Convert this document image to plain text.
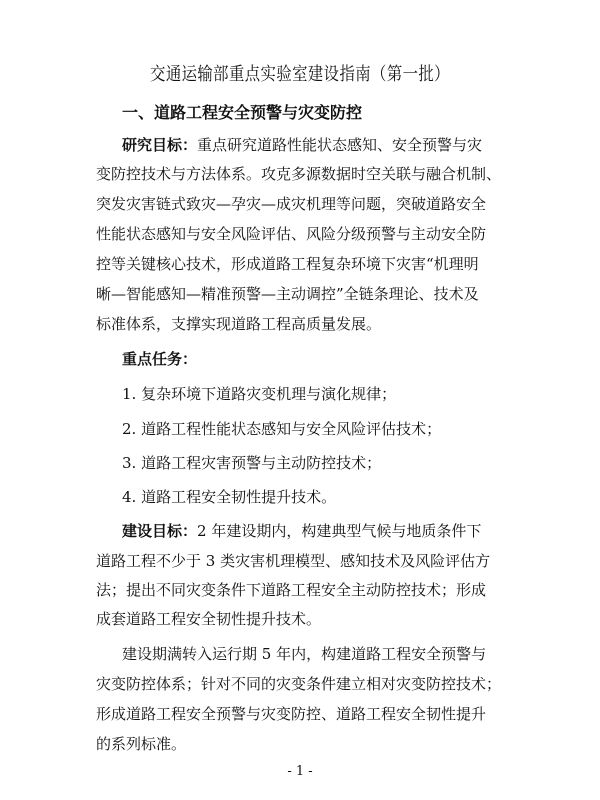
交通运输部重点实验室建设指南（第一批）
一、道路工程安全预警与灾变防控
研究目标：重点研究道路性能状态感知、安全预警与灾
变防控技术与方法体系。攻克多源数据时空关联与融合机制、
突发灾害链式致灾—孕灾—成灾机理等问题，突破道路安全
性能状态感知与安全风险评估、风险分级预警与主动安全防
控等关键核心技术，形成道路工程复杂环境下灾害“机理明
晰—智能感知—精准预警—主动调控”全链条理论、技术及
标准体系，支撑实现道路工程高质量发展。
重点任务：
1. 复杂环境下道路灾变机理与演化规律；
2. 道路工程性能状态感知与安全风险评估技术；
3. 道路工程灾害预警与主动防控技术；
4. 道路工程安全韧性提升技术。
建设目标：2 年建设期内，构建典型气候与地质条件下
道路工程不少于 3 类灾害机理模型、感知技术及风险评估方
法；提出不同灾变条件下道路工程安全主动防控技术；形成
成套道路工程安全韧性提升技术。
建设期满转入运行期 5 年内，构建道路工程安全预警与
灾变防控体系；针对不同的灾变条件建立相对灾变防控技术；
形成道路工程安全预警与灾变防控、道路工程安全韧性提升
的系列标准。
- 1 -
